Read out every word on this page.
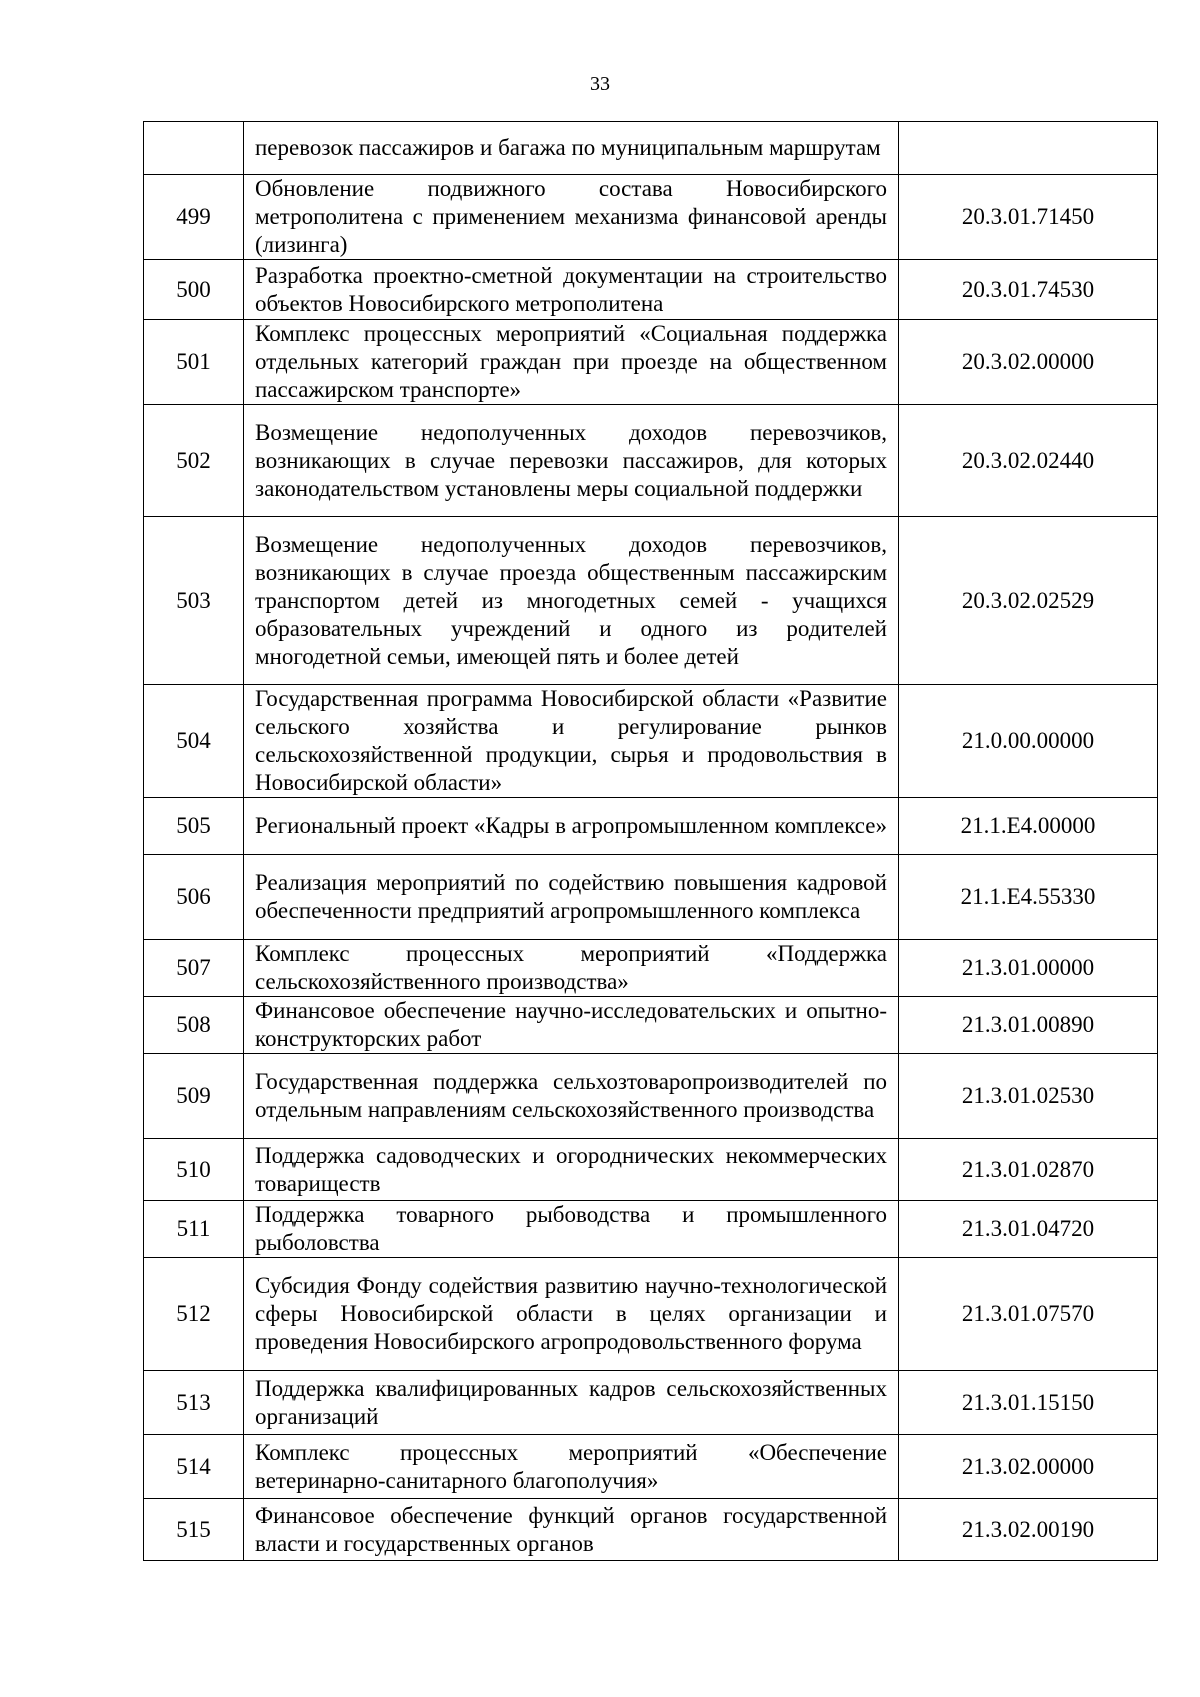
33
	перевозок пассажиров и багажа по муниципальным маршрутам	
499	Обновление подвижного состава Новосибирского метрополитена с применением механизма финансовой аренды (лизинга)	20.3.01.71450
500	Разработка проектно-сметной документации на строительство объектов Новосибирского метрополитена	20.3.01.74530
501	Комплекс процессных мероприятий «Социальная поддержка отдельных категорий граждан при проезде на общественном пассажирском транспорте»	20.3.02.00000
502	Возмещение недополученных доходов перевозчиков, возникающих в случае перевозки пассажиров, для которых законодательством установлены меры социальной поддержки	20.3.02.02440
503	Возмещение недополученных доходов перевозчиков, возникающих в случае проезда общественным пассажирским транспортом детей из многодетных семей - учащихся образовательных учреждений и одного из родителей многодетной семьи, имеющей пять и более детей	20.3.02.02529
504	Государственная программа Новосибирской области «Развитие сельского хозяйства и регулирование рынков сельскохозяйственной продукции, сырья и продовольствия в Новосибирской области»	21.0.00.00000
505	Региональный проект «Кадры в агропромышленном комплексе»	21.1.Е4.00000
506	Реализация мероприятий по содействию повышения кадровой обеспеченности предприятий агропромышленного комплекса	21.1.Е4.55330
507	Комплекс процессных мероприятий «Поддержка сельскохозяйственного производства»	21.3.01.00000
508	Финансовое обеспечение научно-исследовательских и опытно-конструкторских работ	21.3.01.00890
509	Государственная поддержка сельхозтоваропроизводителей по отдельным направлениям сельскохозяйственного производства	21.3.01.02530
510	Поддержка садоводческих и огороднических некоммерческих товариществ	21.3.01.02870
511	Поддержка товарного рыбоводства и промышленного рыболовства	21.3.01.04720
512	Субсидия Фонду содействия развитию научно-технологической сферы Новосибирской области в целях организации и проведения Новосибирского агропродовольственного форума	21.3.01.07570
513	Поддержка квалифицированных кадров сельскохозяйственных организаций	21.3.01.15150
514	Комплекс процессных мероприятий «Обеспечение ветеринарно-санитарного благополучия»	21.3.02.00000
515	Финансовое обеспечение функций органов государственной власти и государственных органов	21.3.02.00190
